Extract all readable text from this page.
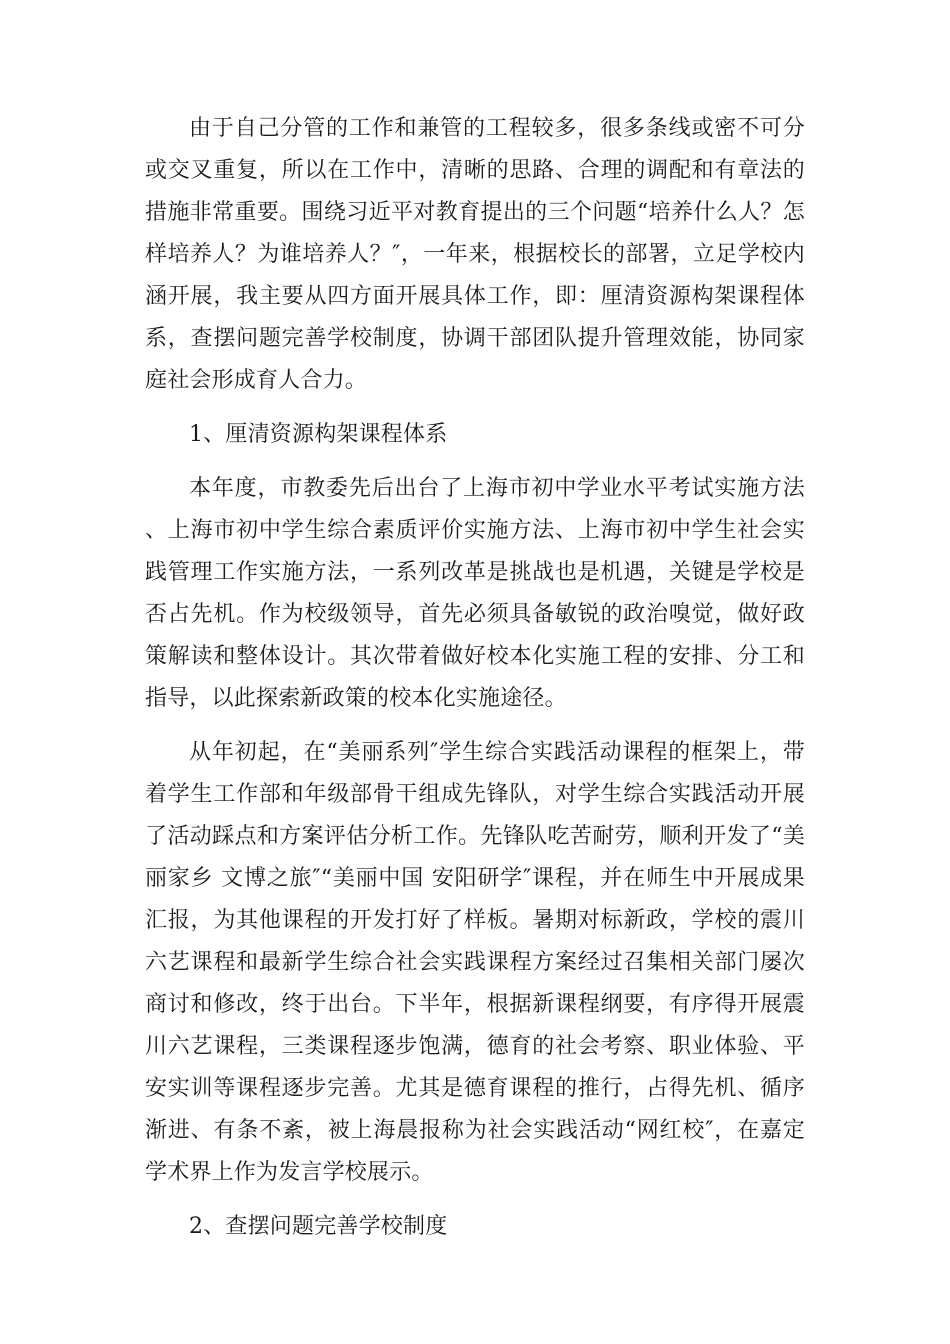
由于自己分管的工作和兼管的工程较多，很多条线或密不可分或交叉重复，所以在工作中，清晰的思路、合理的调配和有章法的措施非常重要。围绕习近平对教育提出的三个问题“培养什么人？怎样培养人？为谁培养人？″，一年来，根据校长的部署，立足学校内涵开展，我主要从四方面开展具体工作，即：厘清资源构架课程体系，查摆问题完善学校制度，协调干部团队提升管理效能，协同家庭社会形成育人合力。

1、厘清资源构架课程体系

本年度，市教委先后出台了上海市初中学业水平考试实施方法、上海市初中学生综合素质评价实施方法、上海市初中学生社会实践管理工作实施方法，一系列改革是挑战也是机遇，关键是学校是否占先机。作为校级领导，首先必须具备敏锐的政治嗅觉，做好政策解读和整体设计。其次带着做好校本化实施工程的安排、分工和指导，以此探索新政策的校本化实施途径。

从年初起，在“美丽系列″学生综合实践活动课程的框架上，带着学生工作部和年级部骨干组成先锋队，对学生综合实践活动开展了活动踩点和方案评估分析工作。先锋队吃苦耐劳，顺利开发了“美丽家乡 文博之旅″“美丽中国 安阳研学″课程，并在师生中开展成果汇报，为其他课程的开发打好了样板。暑期对标新政，学校的震川六艺课程和最新学生综合社会实践课程方案经过召集相关部门屡次商讨和修改，终于出台。下半年，根据新课程纲要，有序得开展震川六艺课程，三类课程逐步饱满，德育的社会考察、职业体验、平安实训等课程逐步完善。尤其是德育课程的推行，占得先机、循序渐进、有条不紊，被上海晨报称为社会实践活动“网红校″，在嘉定学术界上作为发言学校展示。

2、查摆问题完善学校制度
